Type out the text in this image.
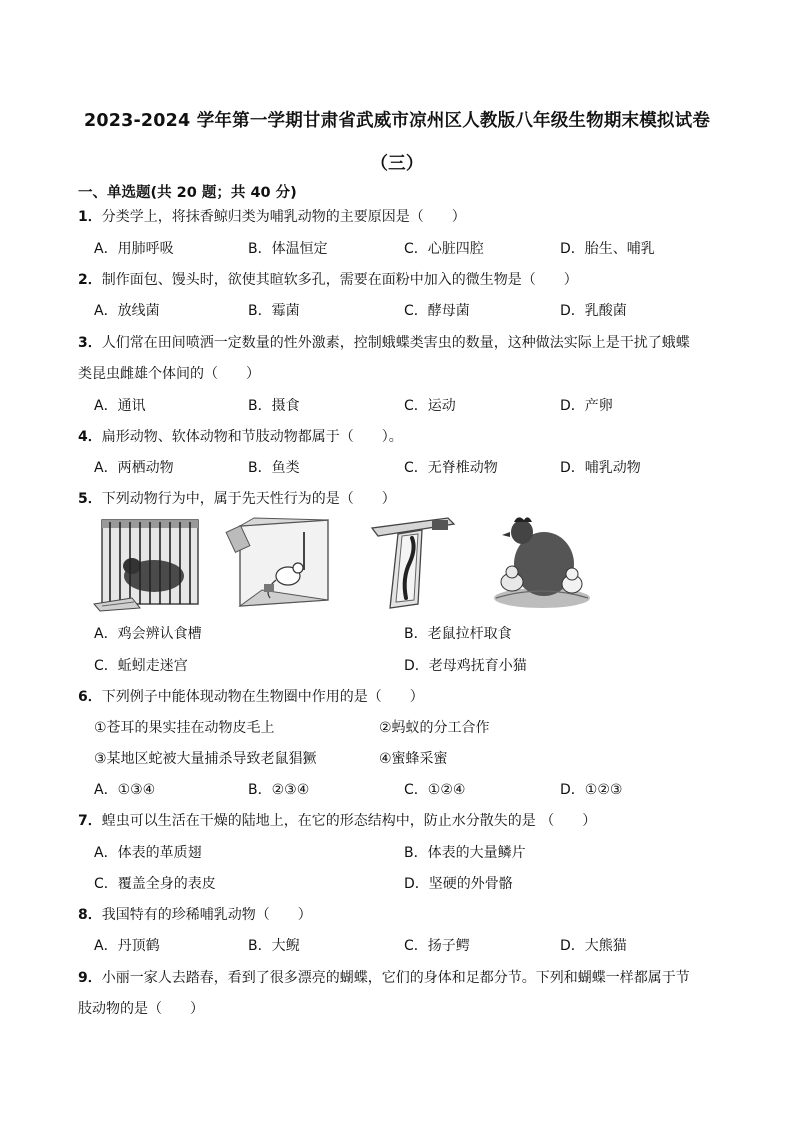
2023-2024 学年第一学期甘肃省武威市凉州区人教版八年级生物期末模拟试卷
（三）
一、单选题(共 20 题；共 40 分)
1．分类学上，将抹香鲸归类为哺乳动物的主要原因是（　　）
A．用肺呼吸	B．体温恒定	C．心脏四腔	D．胎生、哺乳
2．制作面包、馒头时，欲使其暄软多孔，需要在面粉中加入的微生物是（　　）
A．放线菌	B．霉菌	C．酵母菌	D．乳酸菌
3．人们常在田间喷洒一定数量的性外激素，控制蛾蝶类害虫的数量，这种做法实际上是干扰了蛾蝶
类昆虫雌雄个体间的（　　）
A．通讯	B．摄食	C．运动	D．产卵
4．扁形动物、软体动物和节肢动物都属于（　　）。
A．两栖动物	B．鱼类	C．无脊椎动物	D．哺乳动物
5．下列动物行为中，属于先天性行为的是（　　）
A．鸡会辨认食槽	B．老鼠拉杆取食
C．蚯蚓走迷宫	D．老母鸡抚育小猫
6．下列例子中能体现动物在生物圈中作用的是（　　）
①苍耳的果实挂在动物皮毛上	②蚂蚁的分工合作
③某地区蛇被大量捕杀导致老鼠猖獗	④蜜蜂采蜜
A．①③④	B．②③④	C．①②④	D．①②③
7．蝗虫可以生活在干燥的陆地上，在它的形态结构中，防止水分散失的是 （　　）
A．体表的革质翅	B．体表的大量鳞片
C．覆盖全身的表皮	D．坚硬的外骨骼
8．我国特有的珍稀哺乳动物（　　）
A．丹顶鹤	B．大鲵	C．扬子鳄	D．大熊猫
9．小丽一家人去踏春，看到了很多漂亮的蝴蝶，它们的身体和足都分节。下列和蝴蝶一样都属于节
肢动物的是（　　）
